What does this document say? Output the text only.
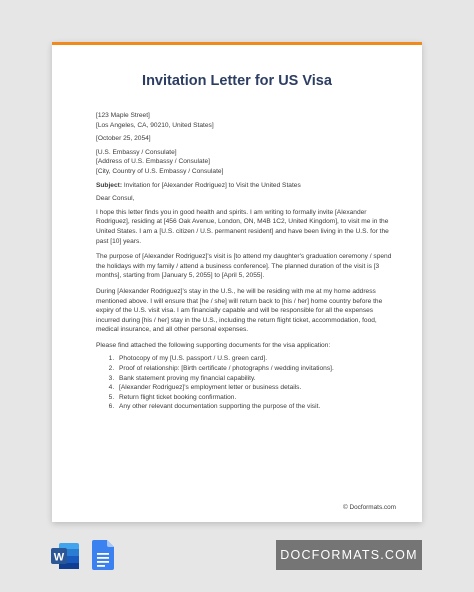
Invitation Letter for US Visa

[123 Maple Street]

[Los Angeles, CA, 90210, United States]

[October 25, 2054]

[U.S. Embassy / Consulate]

[Address of U.S. Embassy / Consulate]

[City, Country of U.S. Embassy / Consulate]

Subject: Invitation for [Alexander Rodriguez] to Visit the United States

Dear Consul,

I hope this letter finds you in good health and spirits. I am writing to formally invite [Alexander Rodriguez], residing at [456 Oak Avenue, London, ON, M4B 1C2, United Kingdom], to visit me in the United States. I am a [U.S. citizen / U.S. permanent resident] and have been living in the U.S. for the past [10] years.

The purpose of [Alexander Rodriguez]'s visit is [to attend my daughter's graduation ceremony / spend the holidays with my family / attend a business conference]. The planned duration of the visit is [3 months], starting from [January 5, 2055] to [April 5, 2055].

During [Alexander Rodriguez]'s stay in the U.S., he will be residing with me at my home address mentioned above. I will ensure that [he / she] will return back to [his / her] home country before the expiry of the U.S. visit visa. I am financially capable and will be responsible for all the expenses incurred during [his / her] stay in the U.S., including the return flight ticket, accommodation, food, medical insurance, and all other personal expenses.

Please find attached the following supporting documents for the visa application:

1. Photocopy of my [U.S. passport / U.S. green card].
2. Proof of relationship: [Birth certificate / photographs / wedding invitations].
3. Bank statement proving my financial capability.
4. [Alexander Rodriguez]'s employment letter or business details.
5. Return flight ticket booking confirmation.
6. Any other relevant documentation supporting the purpose of the visit.
© Docformats.com
W	DOCFORMATS.COM
